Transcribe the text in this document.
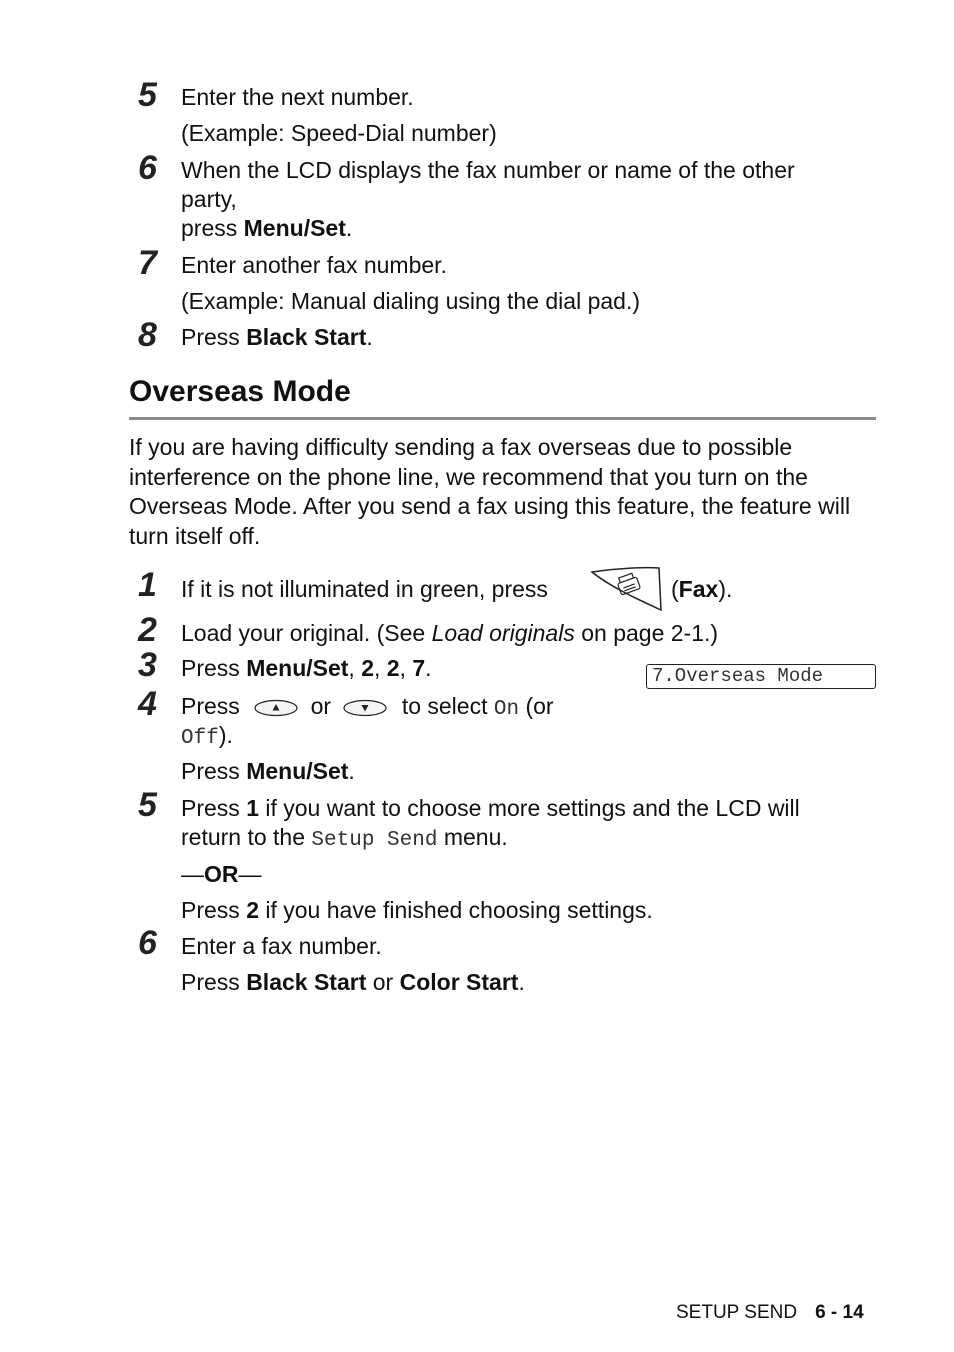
5 Enter the next number.
(Example: Speed-Dial number)
6 When the LCD displays the fax number or name of the other
party,
press Menu/Set.
7 Enter another fax number.
(Example: Manual dialing using the dial pad.)
8 Press Black Start.
Overseas Mode
If you are having difficulty sending a fax overseas due to possible interference on the phone line, we recommend that you turn on the Overseas Mode. After you send a fax using this feature, the feature will turn itself off.
1 If it is not illuminated in green, press	(Fax).
2 Load your original. (See Load originals on page 2-1.)
3 Press Menu/Set, 2, 2, 7.	7.Overseas Mode
4 Press	or	to select On (or
Off).
Press Menu/Set.
5 Press 1 if you want to choose more settings and the LCD will
return to the Setup Send menu.
—OR—
Press 2 if you have finished choosing settings.
6 Enter a fax number.
Press Black Start or Color Start.
SETUP SEND 6 - 14
